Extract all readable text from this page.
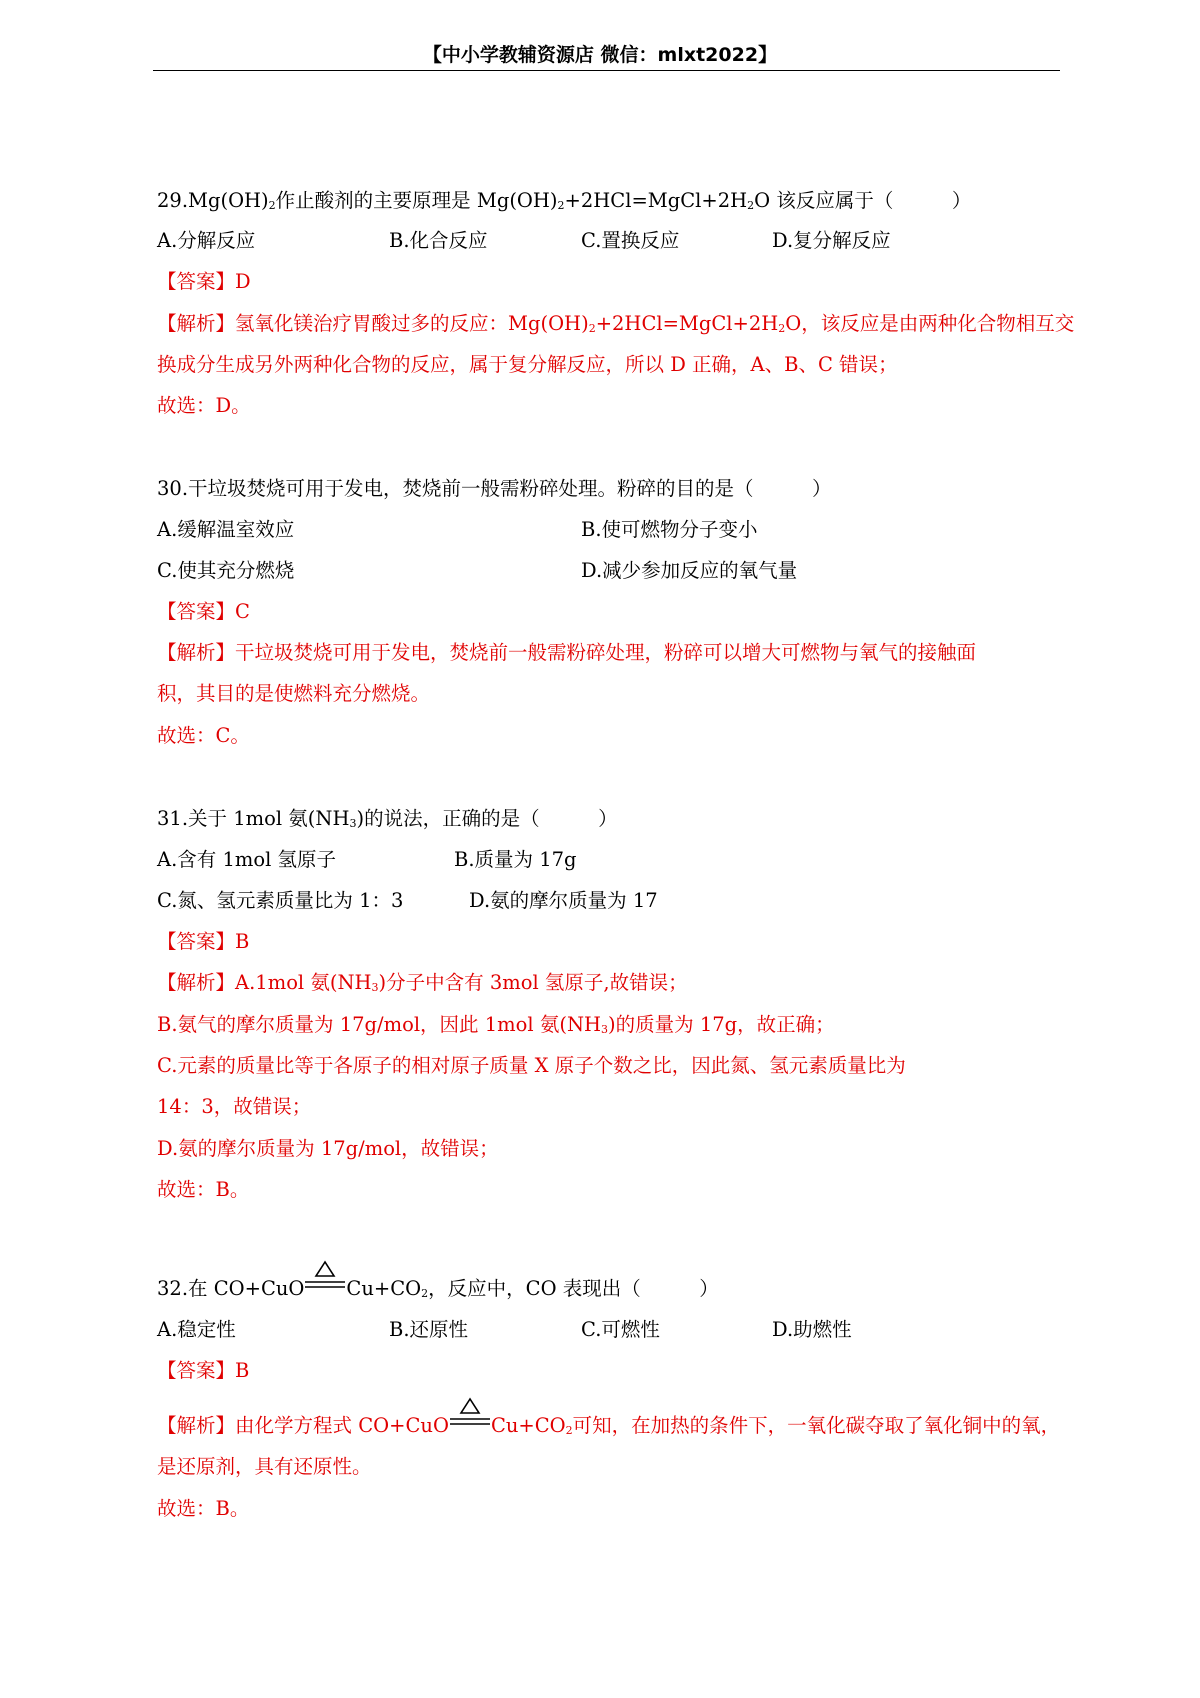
【中小学教辅资源店 微信：mlxt2022】
$29.Mg(OH)_2$作止酸剂的主要原理是 $Mg(OH)_2+2HCl=MgCl+2H_2O$ 该反应属于（　　　）
A.分解反应	B.化合反应	C.置换反应	D.复分解反应
【答案】D
【解析】氢氧化镁治疗胃酸过多的反应：$Mg(OH)_2+2HCl=MgCl+2H_2O$，该反应是由两种化合物相互交
换成分生成另外两种化合物的反应，属于复分解反应，所以 D 正确，A、B、C 错误；
故选：D。
30.干垃圾焚烧可用于发电，焚烧前一般需粉碎处理。粉碎的目的是（　　　）
A.缓解温室效应	B.使可燃物分子变小
C.使其充分燃烧	D.减少参加反应的氧气量
【答案】C
【解析】干垃圾焚烧可用于发电，焚烧前一般需粉碎处理，粉碎可以增大可燃物与氧气的接触面
积，其目的是使燃料充分燃烧。
故选：C。
31.关于 1mol 氨$(NH_3)$的说法，正确的是（　　　）
A.含有 1mol 氢原子	B.质量为 17g
C.氮、氢元素质量比为 1：3	D.氨的摩尔质量为 17
【答案】B
【解析】A.1mol 氨$(NH_3)$分子中含有 3mol 氢原子,故错误；
B.氨气的摩尔质量为 17g/mol，因此 1mol 氨$(NH_3)$的质量为 17g，故正确；
C.元素的质量比等于各原子的相对原子质量 X 原子个数之比，因此氮、氢元素质量比为
14：3，故错误；
D.氨的摩尔质量为 17g/mol，故错误；
故选：B。
32.在 CO+CuO $Cu+CO_2$，反应中，CO 表现出（　　　）
A.稳定性	B.还原性	C.可燃性	D.助燃性
【答案】B
【解析】由化学方程式 CO+CuO $Cu+CO_2$可知，在加热的条件下，一氧化碳夺取了氧化铜中的氧，
是还原剂，具有还原性。
故选：B。
